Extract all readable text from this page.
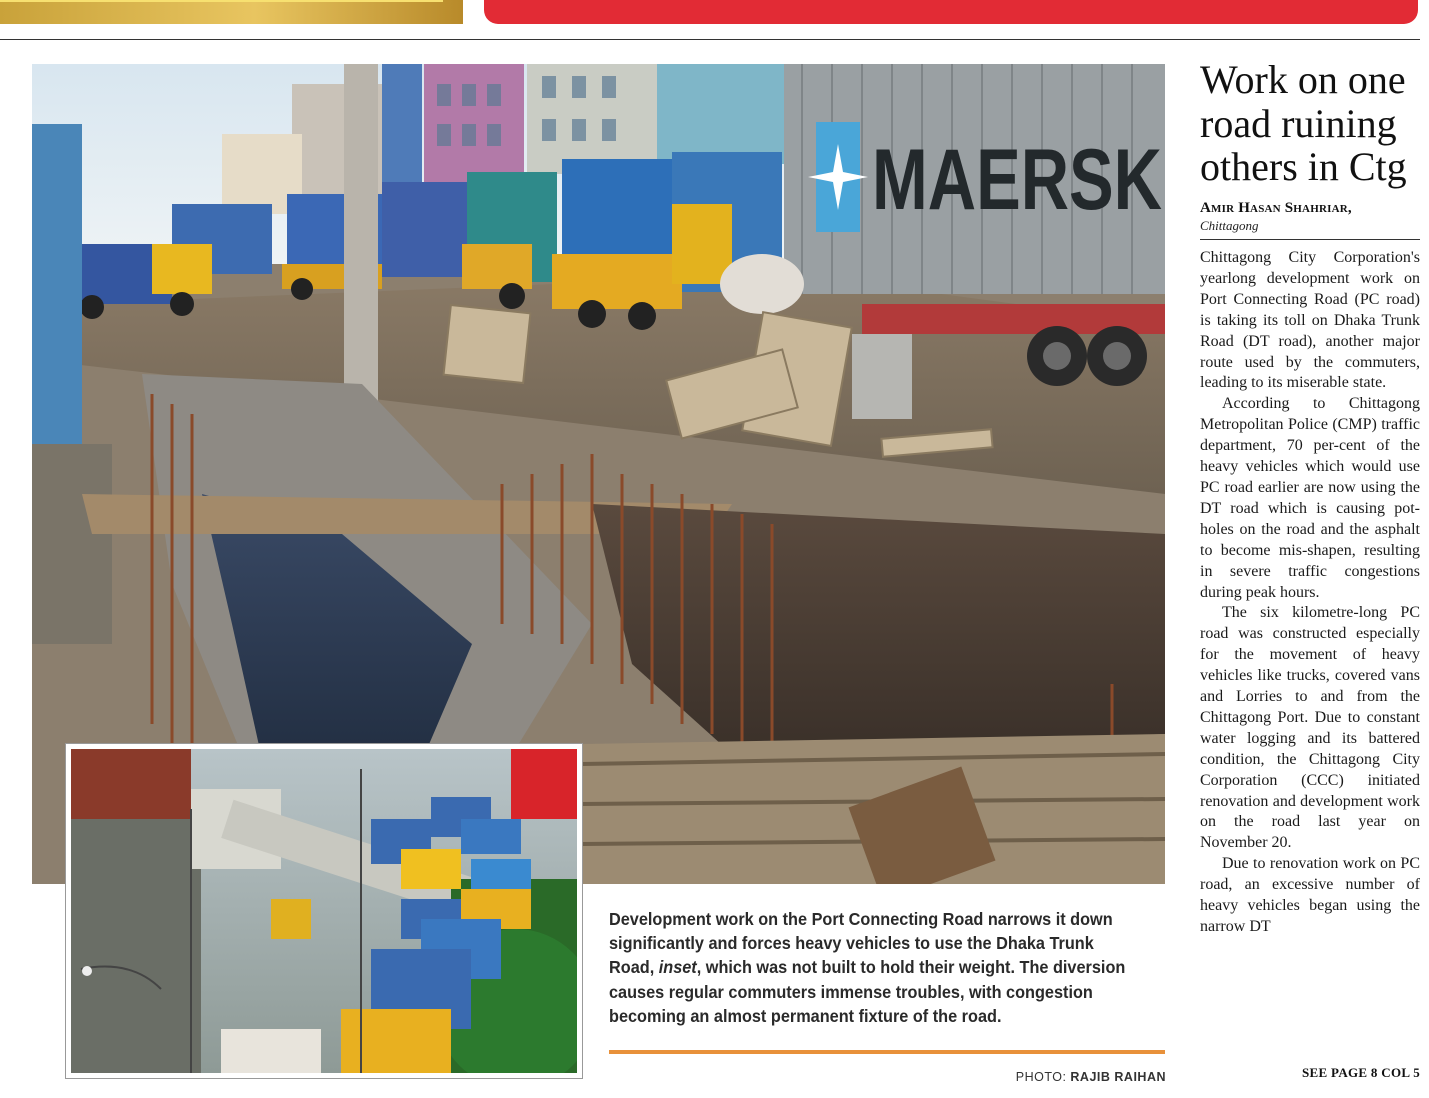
MAERSK

Development work on the Port Connecting Road narrows it down significantly and forces heavy vehicles to use the Dhaka Trunk Road, inset, which was not built to hold their weight. The diversion causes regular commuters immense troubles, with congestion becoming an almost permanent fixture of the road.

PHOTO: RAJIB RAIHAN
Work on one road ruining others in Ctg
Amir Hasan Shahriar,
Chittagong

Chittagong City Corporation's yearlong development work on Port Connecting Road (PC road) is taking its toll on Dhaka Trunk Road (DT road), another major route used by the commuters, leading to its miserable state.

According to Chittagong Metropolitan Police (CMP) traffic department, 70 per-cent of the heavy vehicles which would use PC road earlier are now using the DT road which is causing pot-holes on the road and the asphalt to become mis-shapen, resulting in severe traffic congestions during peak hours.

The six kilometre-long PC road was constructed especially for the movement of heavy vehicles like trucks, covered vans and Lorries to and from the Chittagong Port. Due to constant water logging and its battered condition, the Chittagong City Corporation (CCC) initiated renovation and development work on the road last year on November 20.

Due to renovation work on PC road, an excessive number of heavy vehicles began using the narrow DT

SEE PAGE 8 COL 5
